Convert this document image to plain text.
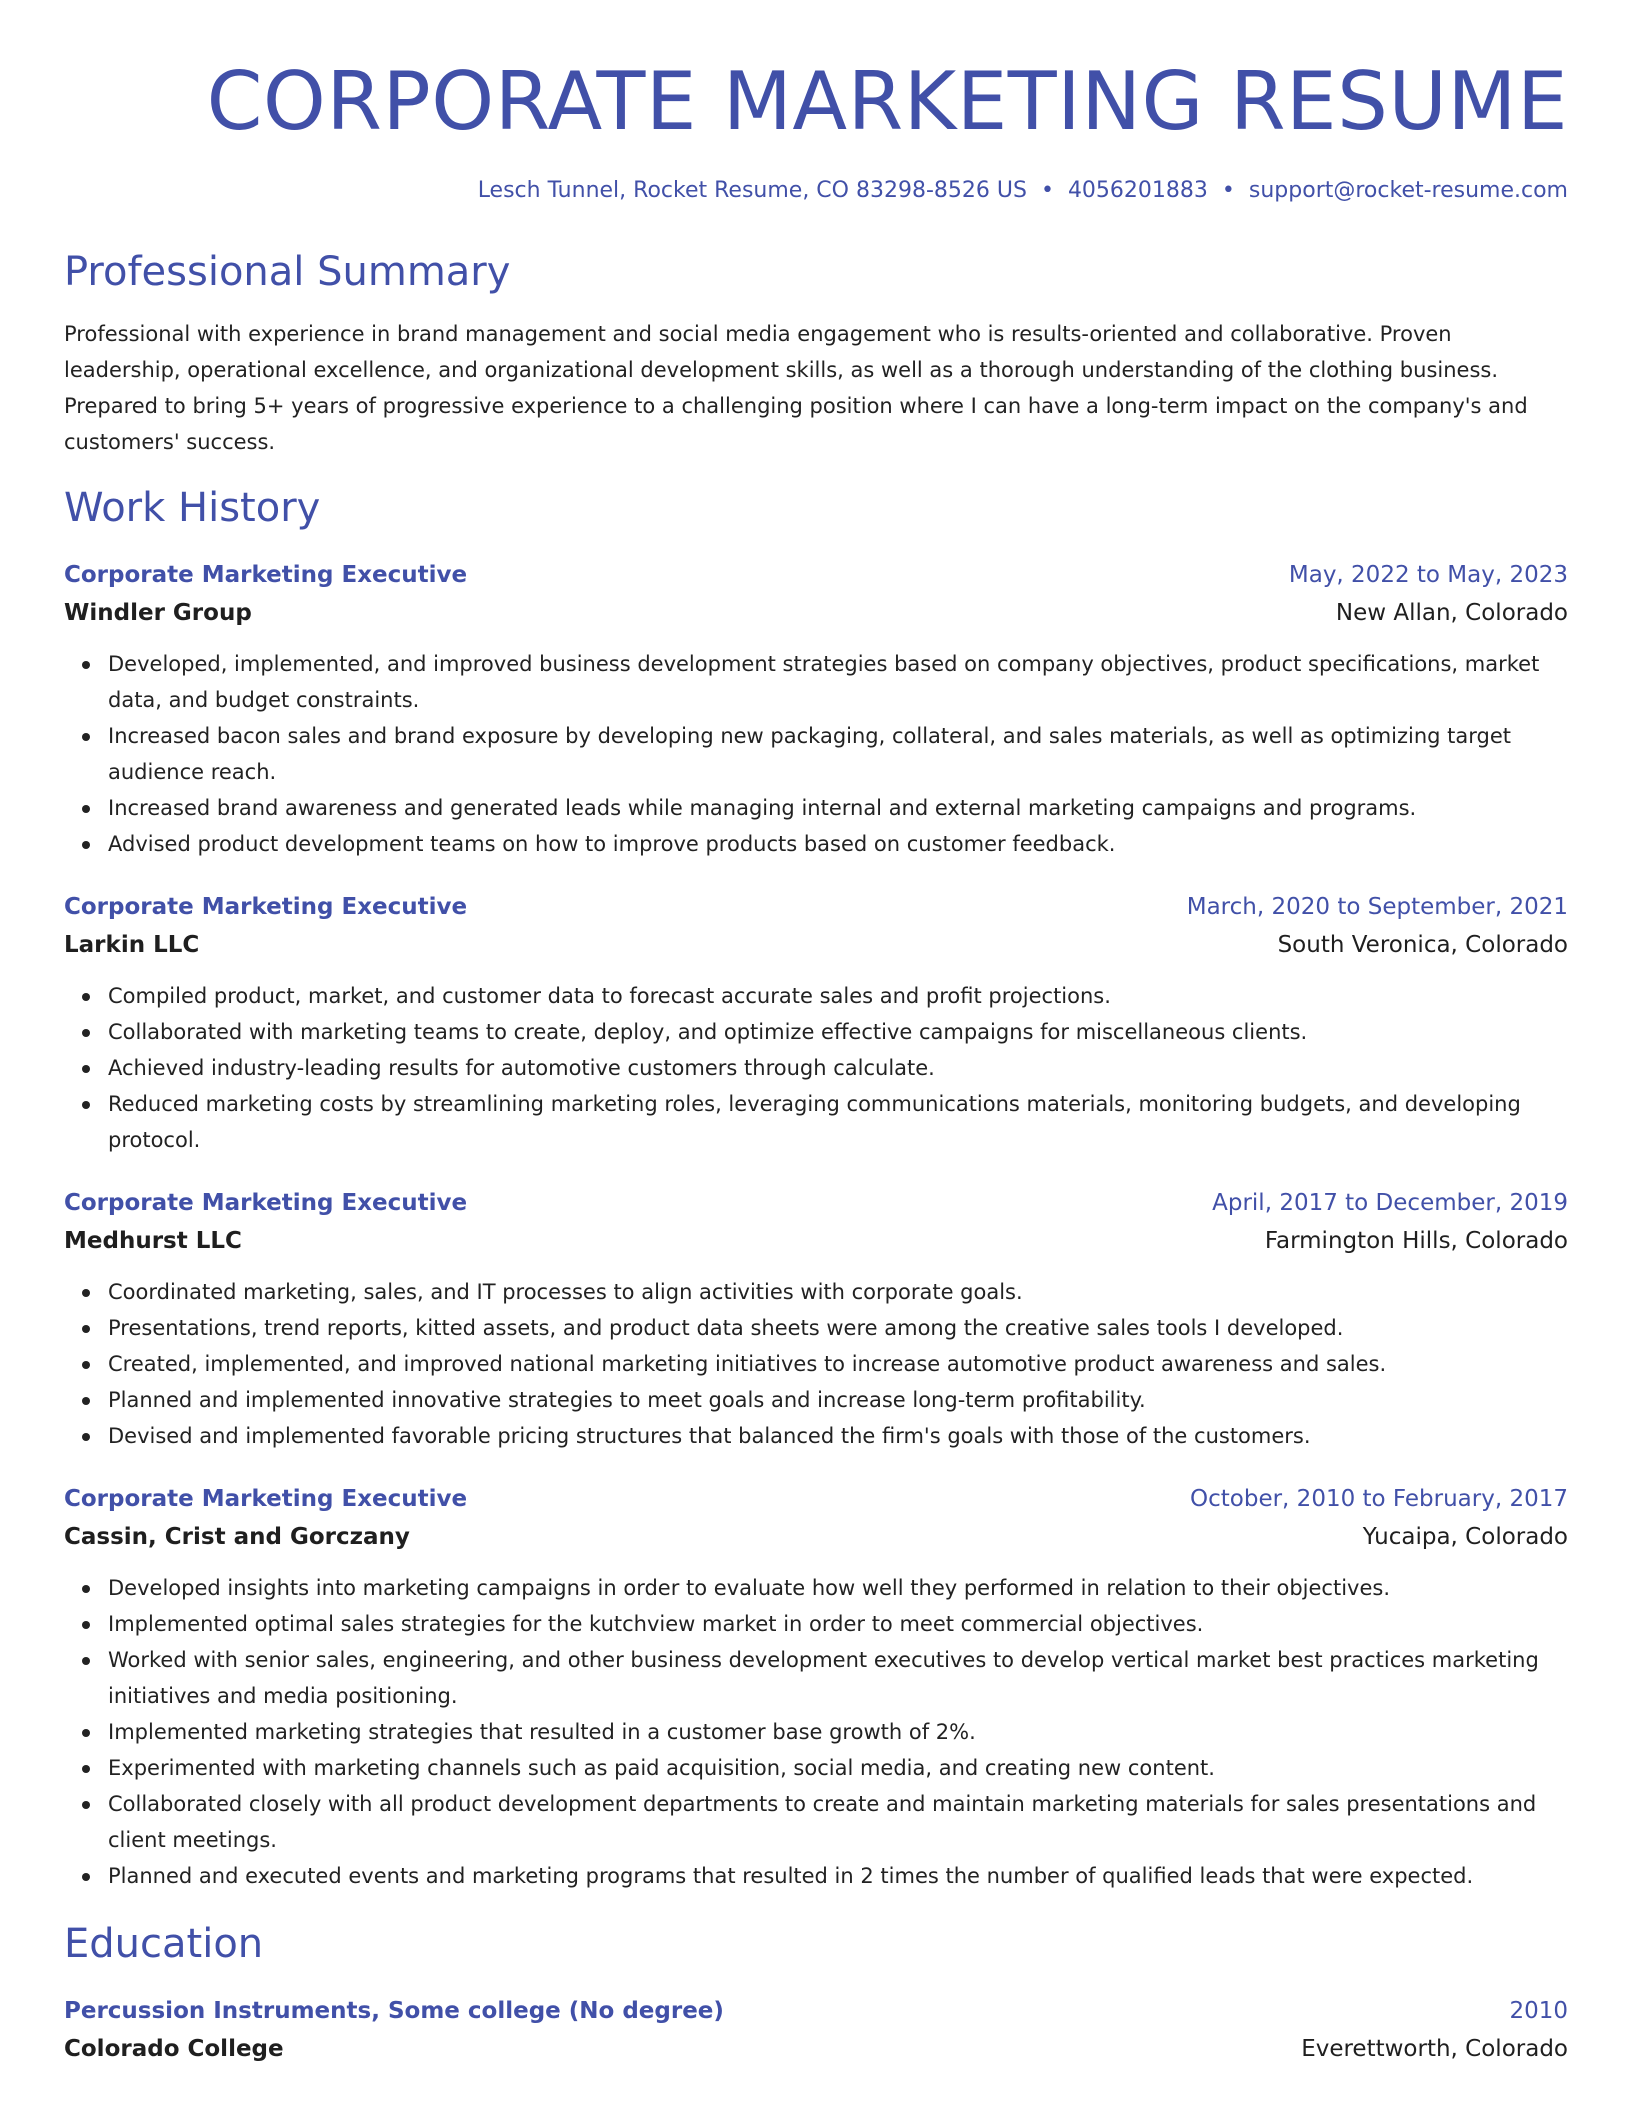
CORPORATE MARKETING RESUME
Lesch Tunnel, Rocket Resume, CO 83298-8526 US • 4056201883 • support@rocket-resume.com
Professional Summary
Professional with experience in brand management and social media engagement who is results-oriented and collaborative. Proven leadership, operational excellence, and organizational development skills, as well as a thorough understanding of the clothing business. Prepared to bring 5+ years of progressive experience to a challenging position where I can have a long-term impact on the company's and customers' success.
Work History
Corporate Marketing Executive	May, 2022 to May, 2023
Windler Group	New Allan, Colorado
Developed, implemented, and improved business development strategies based on company objectives, product specifications, market data, and budget constraints.
Increased bacon sales and brand exposure by developing new packaging, collateral, and sales materials, as well as optimizing target audience reach.
Increased brand awareness and generated leads while managing internal and external marketing campaigns and programs.
Advised product development teams on how to improve products based on customer feedback.
Corporate Marketing Executive	March, 2020 to September, 2021
Larkin LLC	South Veronica, Colorado
Compiled product, market, and customer data to forecast accurate sales and profit projections.
Collaborated with marketing teams to create, deploy, and optimize effective campaigns for miscellaneous clients.
Achieved industry-leading results for automotive customers through calculate.
Reduced marketing costs by streamlining marketing roles, leveraging communications materials, monitoring budgets, and developing protocol.
Corporate Marketing Executive	April, 2017 to December, 2019
Medhurst LLC	Farmington Hills, Colorado
Coordinated marketing, sales, and IT processes to align activities with corporate goals.
Presentations, trend reports, kitted assets, and product data sheets were among the creative sales tools I developed.
Created, implemented, and improved national marketing initiatives to increase automotive product awareness and sales.
Planned and implemented innovative strategies to meet goals and increase long-term profitability.
Devised and implemented favorable pricing structures that balanced the firm's goals with those of the customers.
Corporate Marketing Executive	October, 2010 to February, 2017
Cassin, Crist and Gorczany	Yucaipa, Colorado
Developed insights into marketing campaigns in order to evaluate how well they performed in relation to their objectives.
Implemented optimal sales strategies for the kutchview market in order to meet commercial objectives.
Worked with senior sales, engineering, and other business development executives to develop vertical market best practices marketing initiatives and media positioning.
Implemented marketing strategies that resulted in a customer base growth of 2%.
Experimented with marketing channels such as paid acquisition, social media, and creating new content.
Collaborated closely with all product development departments to create and maintain marketing materials for sales presentations and client meetings.
Planned and executed events and marketing programs that resulted in 2 times the number of qualified leads that were expected.
Education
Percussion Instruments, Some college (No degree)	2010
Colorado College	Everettworth, Colorado
